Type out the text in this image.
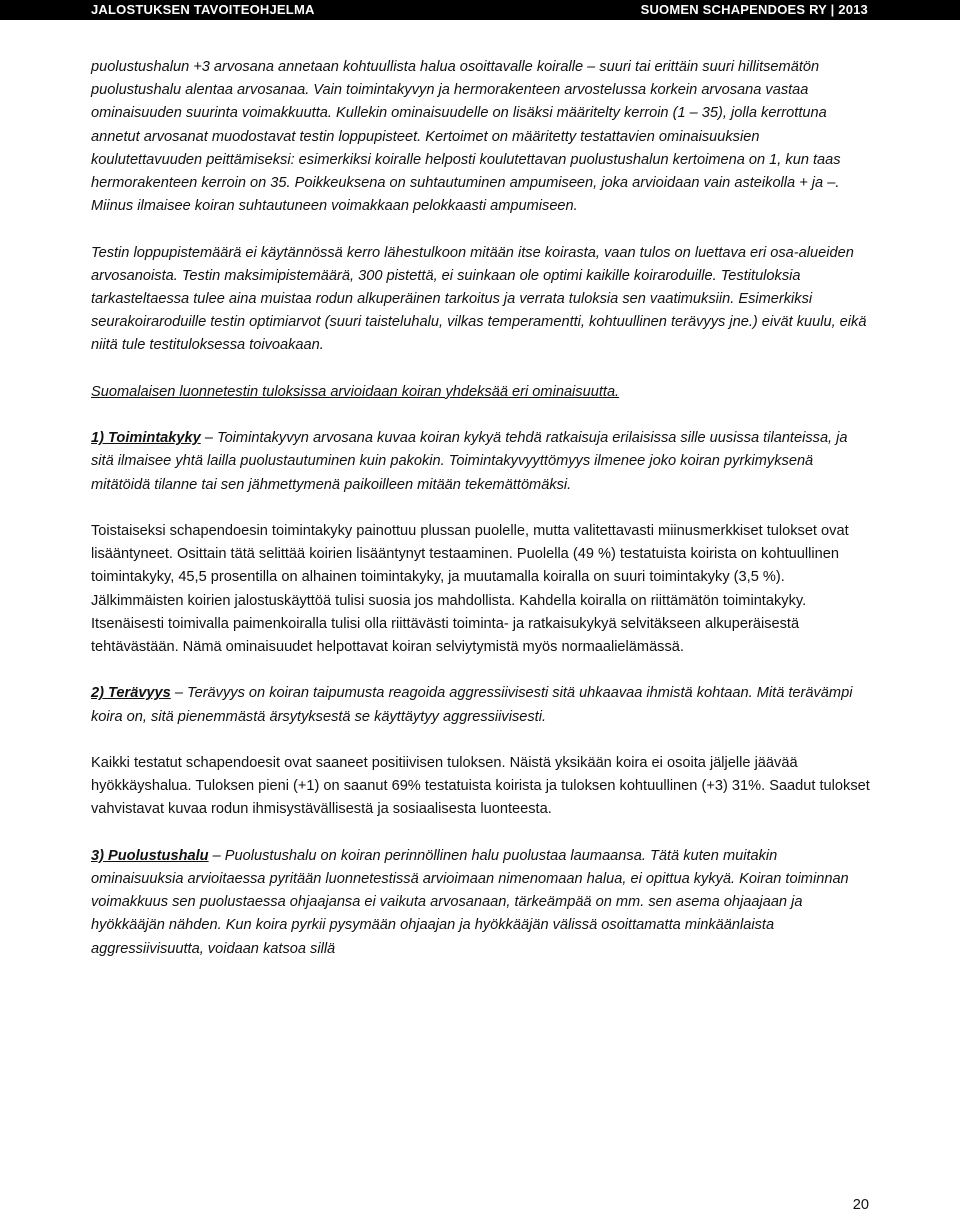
JALOSTUKSEN TAVOITEOHJELMA	SUOMEN SCHAPENDOES RY | 2013

puolustushalun +3 arvosana annetaan kohtuullista halua osoittavalle koiralle – suuri tai erittäin suuri hillitsemätön puolustushalu alentaa arvosanaa. Vain toimintakyvyn ja hermorakenteen arvostelussa korkein arvosana vastaa ominaisuuden suurinta voimakkuutta. Kullekin ominaisuudelle on lisäksi määritelty kerroin (1 – 35), jolla kerrottuna annetut arvosanat muodostavat testin loppupisteet. Kertoimet on määritetty testattavien ominaisuuksien koulutettavuuden peittämiseksi: esimerkiksi koiralle helposti koulutettavan puolustushalun kertoimena on 1, kun taas hermorakenteen kerroin on 35. Poikkeuksena on suhtautuminen ampumiseen, joka arvioidaan vain asteikolla + ja –. Miinus ilmaisee koiran suhtautuneen voimakkaan pelokkaasti ampumiseen.

Testin loppupistemäärä ei käytännössä kerro lähestulkoon mitään itse koirasta, vaan tulos on luettava eri osa-alueiden arvosanoista. Testin maksimipistemäärä, 300 pistettä, ei suinkaan ole optimi kaikille koiraroduille. Testituloksia tarkasteltaessa tulee aina muistaa rodun alkuperäinen tarkoitus ja verrata tuloksia sen vaatimuksiin. Esimerkiksi seurakoiraroduille testin optimiarvot (suuri taisteluhalu, vilkas temperamentti, kohtuullinen terävyys jne.) eivät kuulu, eikä niitä tule testituloksessa toivoakaan.

Suomalaisen luonnetestin tuloksissa arvioidaan koiran yhdeksää eri ominaisuutta.

1) Toimintakyky – Toimintakyvyn arvosana kuvaa koiran kykyä tehdä ratkaisuja erilaisissa sille uusissa tilanteissa, ja sitä ilmaisee yhtä lailla puolustautuminen kuin pakokin. Toimintakyvyyttömyys ilmenee joko koiran pyrkimyksenä mitätöidä tilanne tai sen jähmettymenä paikoilleen mitään tekemättömäksi.

Toistaiseksi schapendoesin toimintakyky painottuu plussan puolelle, mutta valitettavasti miinusmerkkiset tulokset ovat lisääntyneet. Osittain tätä selittää koirien lisääntynyt testaaminen. Puolella (49 %) testatuista koirista on kohtuullinen toimintakyky, 45,5 prosentilla on alhainen toimintakyky, ja muutamalla koiralla on suuri toimintakyky (3,5 %). Jälkimmäisten koirien jalostuskäyttöä tulisi suosia jos mahdollista. Kahdella koiralla on riittämätön toimintakyky. Itsenäisesti toimivalla paimenkoiralla tulisi olla riittävästi toiminta- ja ratkaisukykyä selvitäkseen alkuperäisestä tehtävästään. Nämä ominaisuudet helpottavat koiran selviytymistä myös normaalielämässä.

2) Terävyys – Terävyys on koiran taipumusta reagoida aggressiivisesti sitä uhkaavaa ihmistä kohtaan. Mitä terävämpi koira on, sitä pienemmästä ärsytyksestä se käyttäytyy aggressiivisesti.

Kaikki testatut schapendoesit ovat saaneet positiivisen tuloksen. Näistä yksikään koira ei osoita jäljelle jäävää hyökkäyshalua. Tuloksen pieni (+1) on saanut 69% testatuista koirista ja tuloksen kohtuullinen (+3) 31%. Saadut tulokset vahvistavat kuvaa rodun ihmisystävällisestä ja sosiaalisesta luonteesta.

3) Puolustushalu – Puolustushalu on koiran perinnöllinen halu puolustaa laumaansa. Tätä kuten muitakin ominaisuuksia arvioitaessa pyritään luonnetestissä arvioimaan nimenomaan halua, ei opittua kykyä. Koiran toiminnan voimakkuus sen puolustaessa ohjaajansa ei vaikuta arvosanaan, tärkeämpää on mm. sen asema ohjaajaan ja hyökkääjän nähden. Kun koira pyrkii pysymään ohjaajan ja hyökkääjän välissä osoittamatta minkäänlaista aggressiivisuutta, voidaan katsoa sillä

20
